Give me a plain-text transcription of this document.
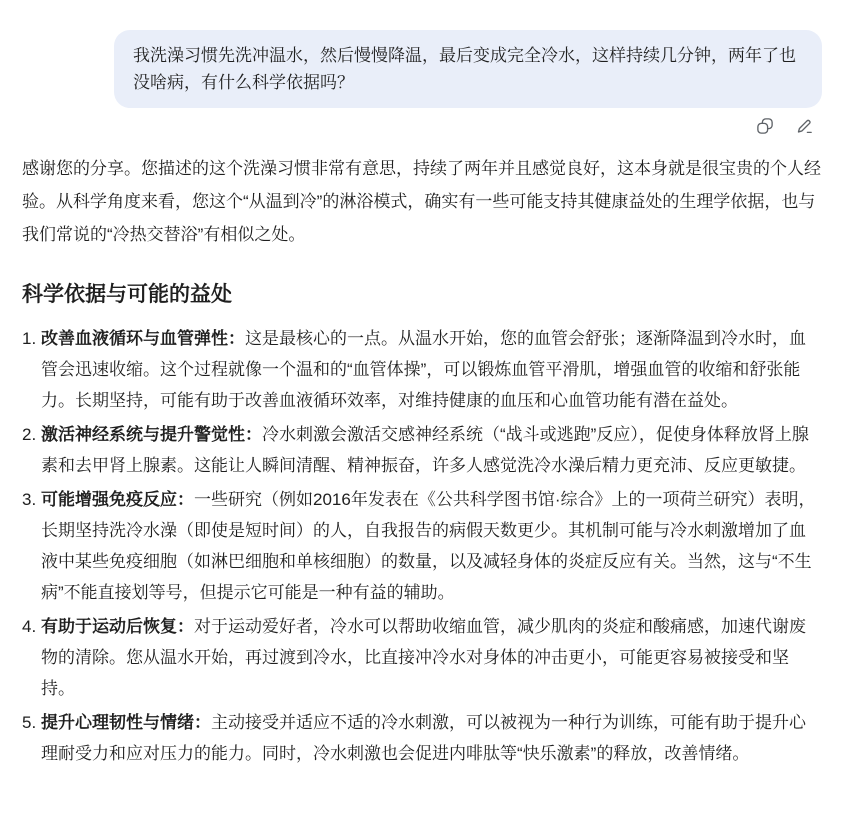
我洗澡习惯先洗冲温水，然后慢慢降温，最后变成完全冷水，这样持续几分钟，两年了也没啥病，有什么科学依据吗？

感谢您的分享。您描述的这个洗澡习惯非常有意思，持续了两年并且感觉良好，这本身就是很宝贵的个人经验。从科学角度来看，您这个“从温到冷”的淋浴模式，确实有一些可能支持其健康益处的生理学依据，也与我们常说的“冷热交替浴”有相似之处。

科学依据与可能的益处
1. 改善血液循环与血管弹性：这是最核心的一点。从温水开始，您的血管会舒张；逐渐降温到冷水时，血管会迅速收缩。这个过程就像一个温和的“血管体操”，可以锻炼血管平滑肌，增强血管的收缩和舒张能力。长期坚持，可能有助于改善血液循环效率，对维持健康的血压和心血管功能有潜在益处。
2. 激活神经系统与提升警觉性：冷水刺激会激活交感神经系统（“战斗或逃跑”反应），促使身体释放肾上腺素和去甲肾上腺素。这能让人瞬间清醒、精神振奋，许多人感觉洗冷水澡后精力更充沛、反应更敏捷。
3. 可能增强免疫反应：一些研究（例如2016年发表在《公共科学图书馆·综合》上的一项荷兰研究）表明，长期坚持洗冷水澡（即使是短时间）的人，自我报告的病假天数更少。其机制可能与冷水刺激增加了血液中某些免疫细胞（如淋巴细胞和单核细胞）的数量，以及减轻身体的炎症反应有关。当然，这与“不生病”不能直接划等号，但提示它可能是一种有益的辅助。
4. 有助于运动后恢复：对于运动爱好者，冷水可以帮助收缩血管，减少肌肉的炎症和酸痛感，加速代谢废物的清除。您从温水开始，再过渡到冷水，比直接冲冷水对身体的冲击更小，可能更容易被接受和坚持。
5. 提升心理韧性与情绪：主动接受并适应不适的冷水刺激，可以被视为一种行为训练，可能有助于提升心理耐受力和应对压力的能力。同时，冷水刺激也会促进内啡肽等“快乐激素”的释放，改善情绪。
